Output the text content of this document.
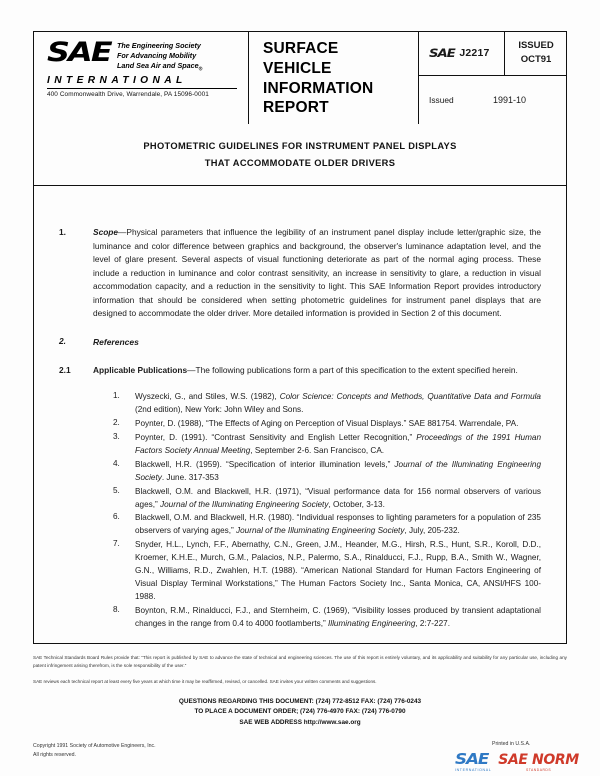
SAE The Engineering Society
For Advancing Mobility
Land Sea Air and Space$_®$
INTERNATIONAL
400 Commonwealth Drive, Warrendale, PA 15096-0001
SURFACE
VEHICLE
INFORMATION
REPORT
SAE J2217
ISSUED
OCT91
Issued	1991-10
PHOTOMETRIC GUIDELINES FOR INSTRUMENT PANEL DISPLAYS
THAT ACCOMMODATE OLDER DRIVERS
1.	Scope—Physical parameters that influence the legibility of an instrument panel display include letter/graphic size, the luminance and color difference between graphics and background, the observer's luminance adaptation level, and the level of glare present. Several aspects of visual functioning deteriorate as part of the normal aging process. These include a reduction in luminance and color contrast sensitivity, an increase in sensitivity to glare, a reduction in visual accommodation capacity, and a reduction in the sensitivity to light. This SAE Information Report provides introductory information that should be considered when setting photometric guidelines for instrument panel displays that are designed to accommodate the older driver. More detailed information is provided in Section 2 of this document.
2.	References
2.1	Applicable Publications—The following publications form a part of this specification to the extent specified herein.
1.	Wyszecki, G., and Stiles, W.S. (1982), Color Science: Concepts and Methods, Quantitative Data and Formula (2nd edition), New York: John Wiley and Sons.
2.	Poynter, D. (1988), “The Effects of Aging on Perception of Visual Displays.” SAE 881754. Warrendale, PA.
3.	Poynter, D. (1991). “Contrast Sensitivity and English Letter Recognition,” Proceedings of the 1991 Human Factors Society Annual Meeting, September 2-6. San Francisco, CA.
4.	Blackwell, H.R. (1959). “Specification of interior illumination levels,” Journal of the Illuminating Engineering Society. June. 317-353
5.	Blackwell, O.M. and Blackwell, H.R. (1971), “Visual performance data for 156 normal observers of various ages,” Journal of the Illuminating Engineering Society, October, 3-13.
6.	Blackwell, O.M. and Blackwell, H.R. (1980). “Individual responses to lighting parameters for a population of 235 observers of varying ages,” Journal of the Illuminating Engineering Society, July, 205-232.
7.	Snyder, H.L., Lynch, F.F., Abernathy, C.N., Green, J.M., Heander, M.G., Hirsh, R.S., Hunt, S.R., Koroll, D.D., Kroemer, K.H.E., Murch, G.M., Palacios, N.P., Palermo, S.A., Rinalducci, F.J., Rupp, B.A., Smith W., Wagner, G.N., Williams, R.D., Zwahlen, H.T. (1988). “American National Standard for Human Factors Engineering of Visual Display Terminal Workstations,” The Human Factors Society Inc., Santa Monica, CA, ANSI/HFS 100-1988.
8.	Boynton, R.M., Rinalducci, F.J., and Sternheim, C. (1969), “Visibility losses produced by transient adaptational changes in the range from 0.4 to 4000 footlamberts,” Illuminating Engineering, 2:7-227.
SAE Technical Standards Board Rules provide that: “This report is published by SAE to advance the state of technical and engineering sciences. The use of this report is entirely voluntary, and its applicability and suitability for any particular use, including any patent infringement arising therefrom, is the sole responsibility of the user.”
SAE reviews each technical report at least every five years at which time it may be reaffirmed, revised, or cancelled. SAE invites your written comments and suggestions.
QUESTIONS REGARDING THIS DOCUMENT: (724) 772-8512 FAX: (724) 776-0243
TO PLACE A DOCUMENT ORDER; (724) 776-4970 FAX: (724) 776-0790
SAE WEB ADDRESS http://www.sae.org
Copyright 1991 Society of Automotive Engineers, Inc.
All rights reserved.
Printed in U.S.A.
SAE
INTERNATIONAL
SAE NORM
STANDARDS
